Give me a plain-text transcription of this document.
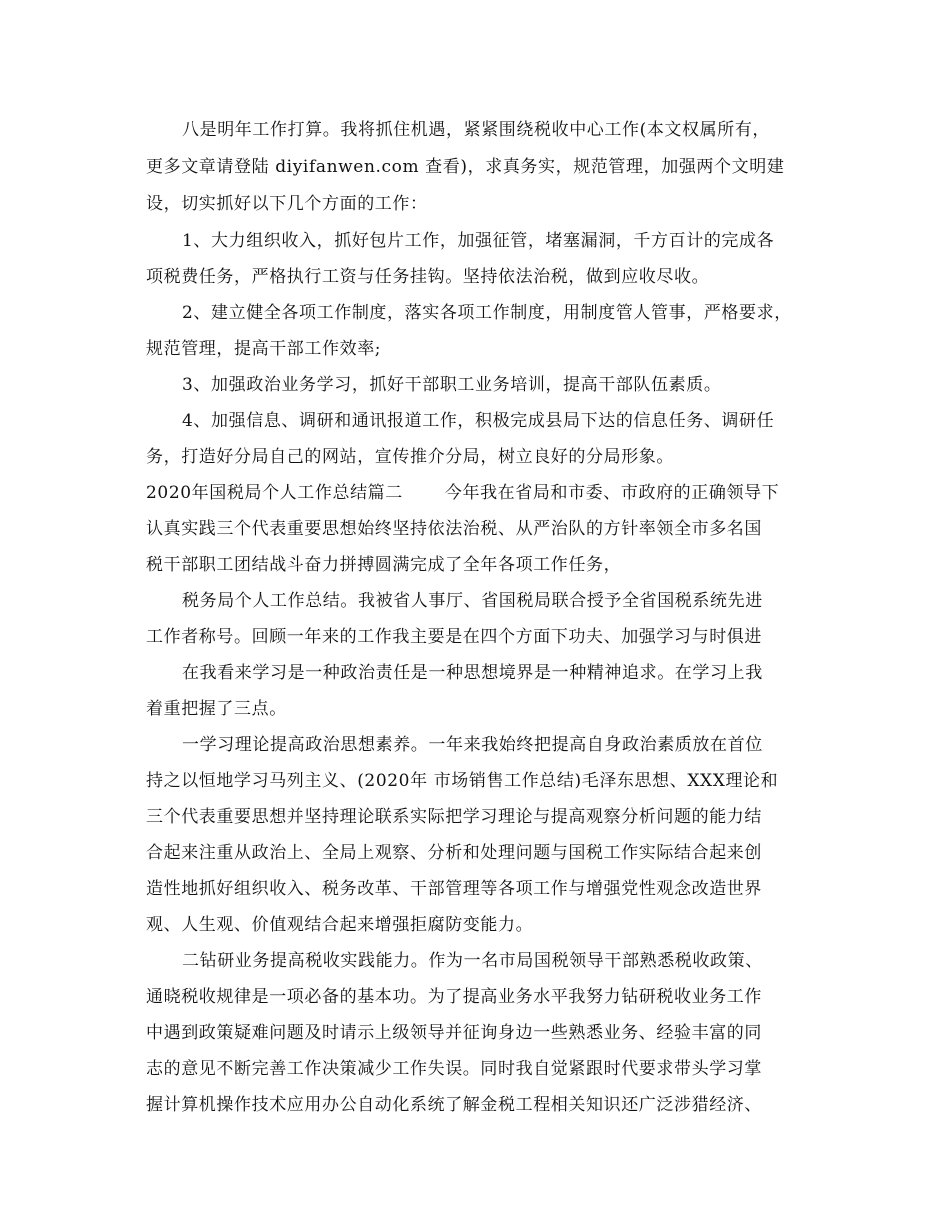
八是明年工作打算。我将抓住机遇，紧紧围绕税收中心工作(本文权属所有，
更多文章请登陆 diyifanwen.com 查看)，求真务实，规范管理，加强两个文明建
设，切实抓好以下几个方面的工作：
1、大力组织收入，抓好包片工作，加强征管，堵塞漏洞，千方百计的完成各
项税费任务，严格执行工资与任务挂钩。坚持依法治税，做到应收尽收。
2、建立健全各项工作制度，落实各项工作制度，用制度管人管事，严格要求，
规范管理，提高干部工作效率;
3、加强政治业务学习，抓好干部职工业务培训，提高干部队伍素质。
4、加强信息、调研和通讯报道工作，积极完成县局下达的信息任务、调研任
务，打造好分局自己的网站，宣传推介分局，树立良好的分局形象。
2020年国税局个人工作总结篇二 今年我在省局和市委、市政府的正确领导下
认真实践三个代表重要思想始终坚持依法治税、从严治队的方针率领全市多名国
税干部职工团结战斗奋力拼搏圆满完成了全年各项工作任务，
税务局个人工作总结。我被省人事厅、省国税局联合授予全省国税系统先进
工作者称号。回顾一年来的工作我主要是在四个方面下功夫、加强学习与时俱进
在我看来学习是一种政治责任是一种思想境界是一种精神追求。在学习上我
着重把握了三点。
一学习理论提高政治思想素养。一年来我始终把提高自身政治素质放在首位
持之以恒地学习马列主义、(2020年 市场销售工作总结)毛泽东思想、XXX理论和
三个代表重要思想并坚持理论联系实际把学习理论与提高观察分析问题的能力结
合起来注重从政治上、全局上观察、分析和处理问题与国税工作实际结合起来创
造性地抓好组织收入、税务改革、干部管理等各项工作与增强党性观念改造世界
观、人生观、价值观结合起来增强拒腐防变能力。
二钻研业务提高税收实践能力。作为一名市局国税领导干部熟悉税收政策、
通晓税收规律是一项必备的基本功。为了提高业务水平我努力钻研税收业务工作
中遇到政策疑难问题及时请示上级领导并征询身边一些熟悉业务、经验丰富的同
志的意见不断完善工作决策减少工作失误。同时我自觉紧跟时代要求带头学习掌
握计算机操作技术应用办公自动化系统了解金税工程相关知识还广泛涉猎经济、
